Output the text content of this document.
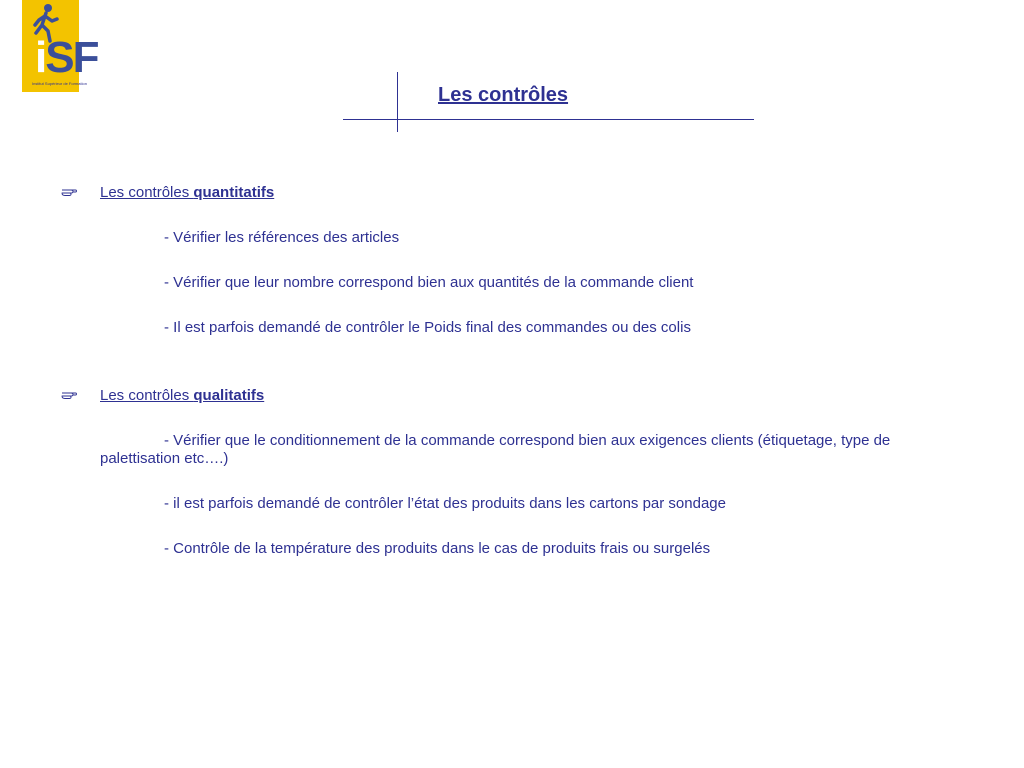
iSF
Institut Supérieur de Formation
Les contrôles
Les contrôles quantitatifs
- Vérifier les références des articles
- Vérifier que leur nombre correspond bien aux quantités de la commande client
- Il est parfois demandé de contrôler le Poids final des commandes ou des colis
Les contrôles qualitatifs
- Vérifier que le conditionnement de la commande correspond bien aux exigences clients (étiquetage, type de palettisation etc….)
- il est parfois demandé de contrôler l’état des produits dans les cartons par sondage
- Contrôle de la température des produits dans le cas de produits frais ou surgelés
